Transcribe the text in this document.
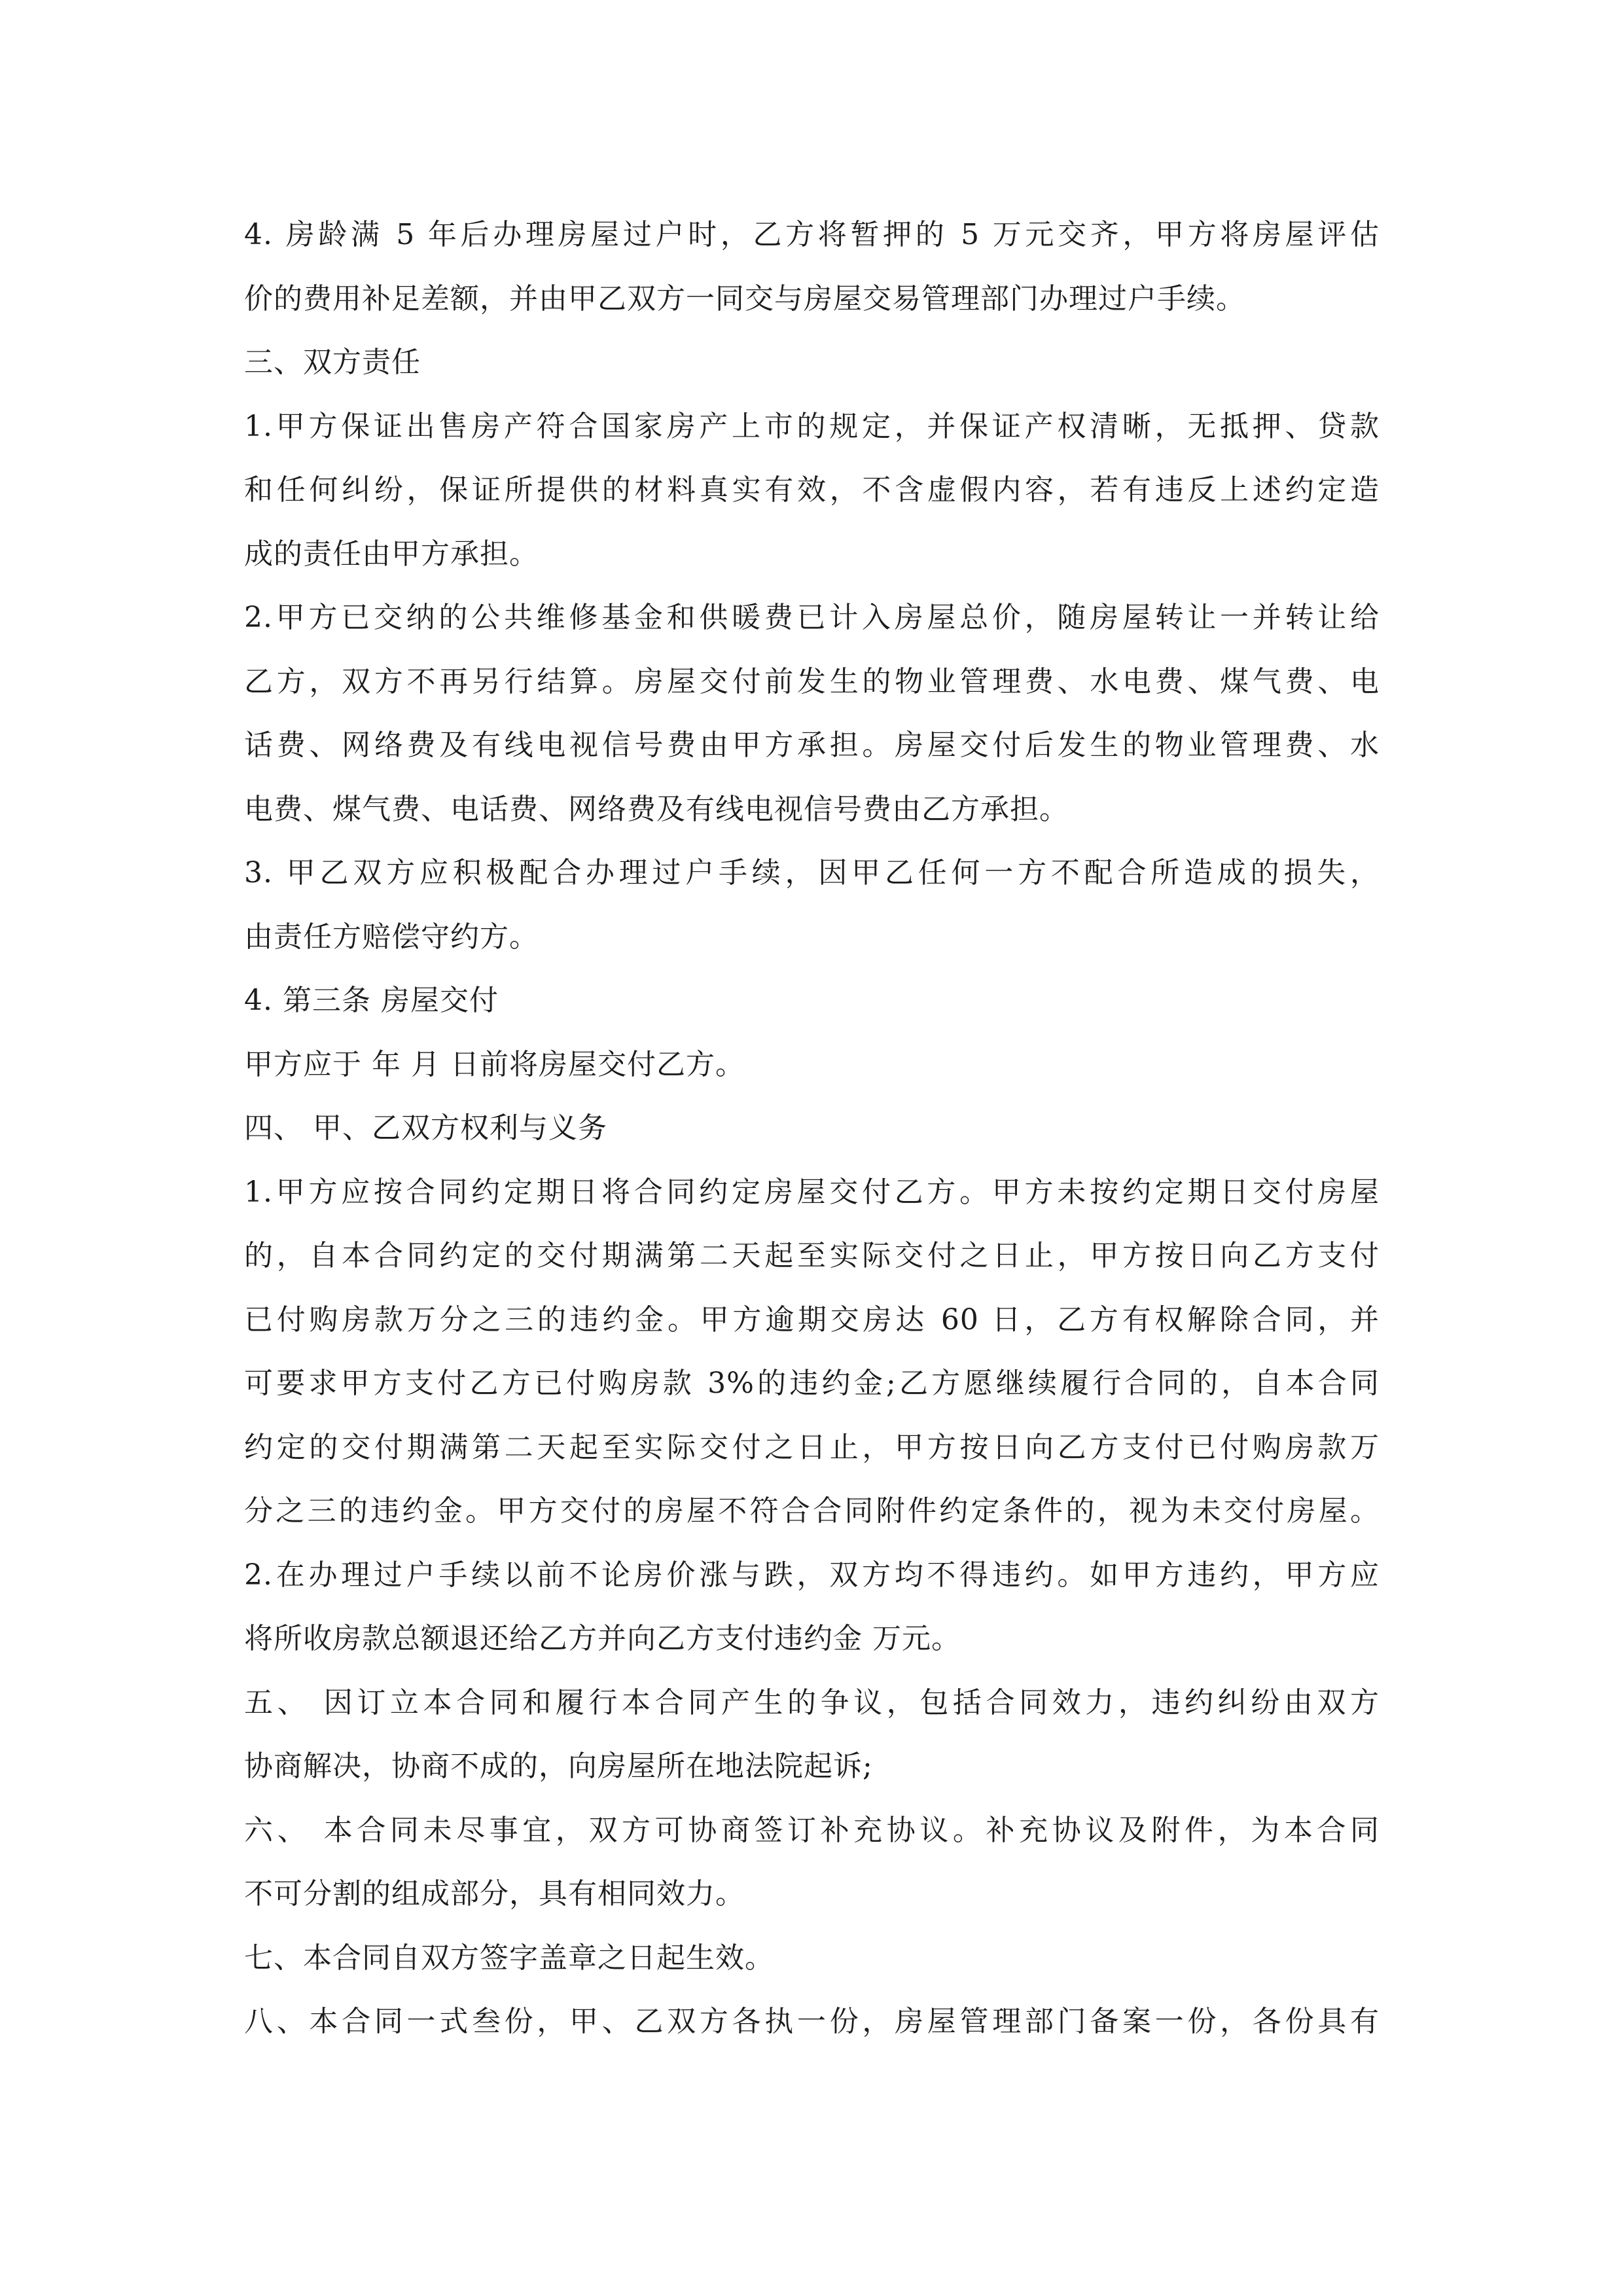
4. 房龄满 5 年后办理房屋过户时，乙方将暂押的 5 万元交齐，甲方将房屋评估
价的费用补足差额，并由甲乙双方一同交与房屋交易管理部门办理过户手续。
三、双方责任
1.甲方保证出售房产符合国家房产上市的规定，并保证产权清晰，无抵押、贷款
和任何纠纷，保证所提供的材料真实有效，不含虚假内容，若有违反上述约定造
成的责任由甲方承担。
2.甲方已交纳的公共维修基金和供暖费已计入房屋总价，随房屋转让一并转让给
乙方，双方不再另行结算。房屋交付前发生的物业管理费、水电费、煤气费、电
话费、网络费及有线电视信号费由甲方承担。房屋交付后发生的物业管理费、水
电费、煤气费、电话费、网络费及有线电视信号费由乙方承担。
3. 甲乙双方应积极配合办理过户手续，因甲乙任何一方不配合所造成的损失，
由责任方赔偿守约方。
4. 第三条 房屋交付
甲方应于 年 月 日前将房屋交付乙方。
四、 甲、乙双方权利与义务
1.甲方应按合同约定期日将合同约定房屋交付乙方。甲方未按约定期日交付房屋
的，自本合同约定的交付期满第二天起至实际交付之日止，甲方按日向乙方支付
已付购房款万分之三的违约金。甲方逾期交房达 60 日，乙方有权解除合同，并
可要求甲方支付乙方已付购房款 3%的违约金;乙方愿继续履行合同的，自本合同
约定的交付期满第二天起至实际交付之日止，甲方按日向乙方支付已付购房款万
分之三的违约金。甲方交付的房屋不符合合同附件约定条件的，视为未交付房屋。
2.在办理过户手续以前不论房价涨与跌，双方均不得违约。如甲方违约，甲方应
将所收房款总额退还给乙方并向乙方支付违约金 万元。
五、 因订立本合同和履行本合同产生的争议，包括合同效力，违约纠纷由双方
协商解决，协商不成的，向房屋所在地法院起诉;
六、 本合同未尽事宜，双方可协商签订补充协议。补充协议及附件，为本合同
不可分割的组成部分，具有相同效力。
七、本合同自双方签字盖章之日起生效。
八、本合同一式叁份，甲、乙双方各执一份，房屋管理部门备案一份，各份具有
